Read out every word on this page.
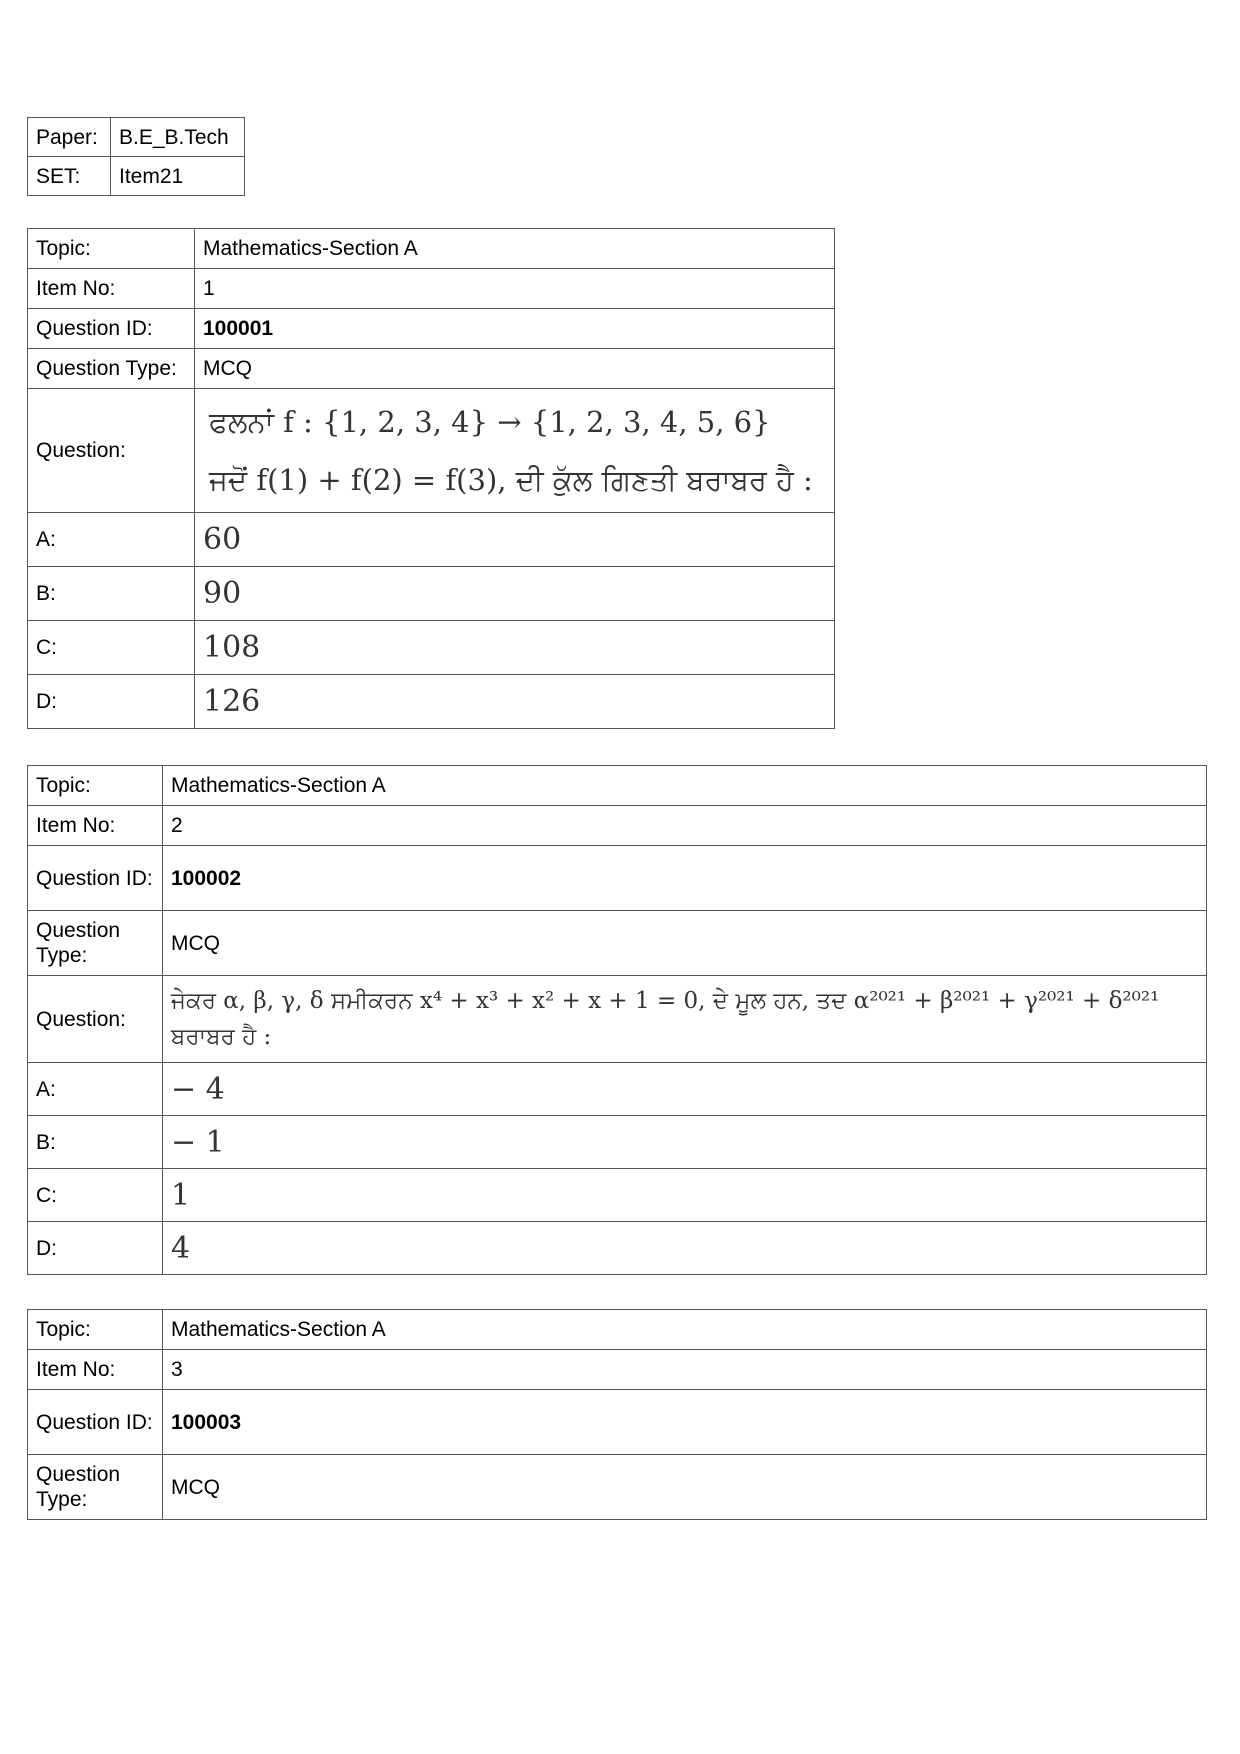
Paper:	B.E_B.Tech
SET:	Item21
Topic:	Mathematics-Section A
Item No:	1
Question ID:	100001
Question Type:	MCQ
Question:	ਫਲਨਾਂ f : {1, 2, 3, 4} → {1, 2, 3, 4, 5, 6}
ਜਦੋਂ f(1) + f(2) = f(3), ਦੀ ਕੁੱਲ ਗਿਣਤੀ ਬਰਾਬਰ ਹੈ :

A:	60
B:	90
C:	108
D:	126
Topic:	Mathematics-Section A
Item No:	2
Question ID:	100002
Question Type:	MCQ
Question:	ਜੇਕਰ α, β, γ, δ ਸਮੀਕਰਨ x⁴ + x³ + x² + x + 1 = 0, ਦੇ ਮੂਲ ਹਨ, ਤਦ α²⁰²¹ + β²⁰²¹ + γ²⁰²¹ + δ²⁰²¹ ਬਰਾਬਰ ਹੈ :
A:	− 4
B:	− 1
C:	1
D:	4
Topic:	Mathematics-Section A
Item No:	3
Question ID:	100003
Question Type:	MCQ
